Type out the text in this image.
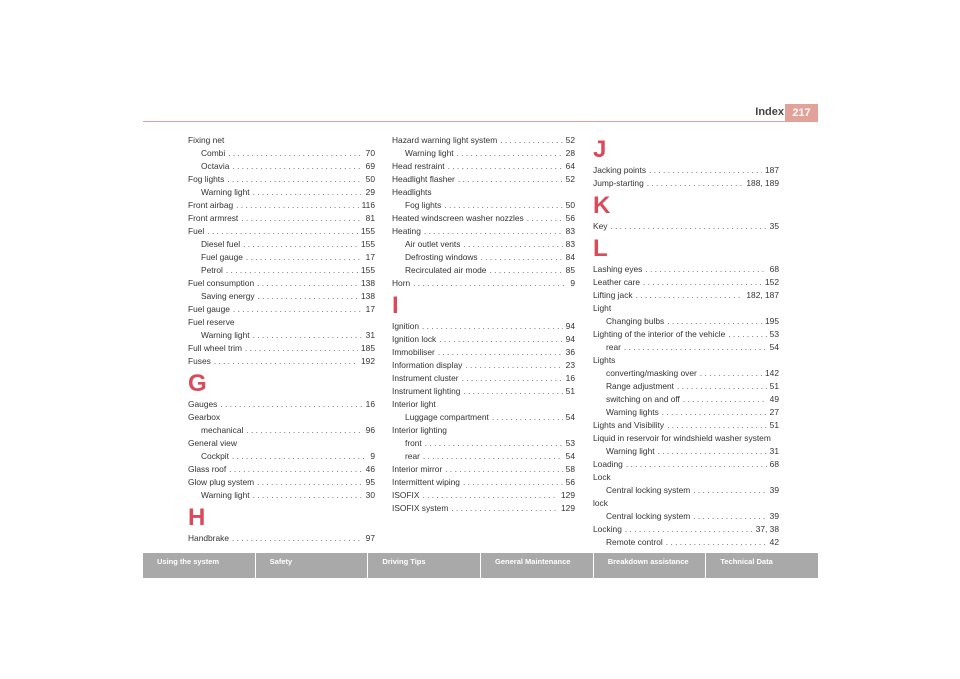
Index 217
Fixing net
Combi . . .	70
Octavia . . .	69
Fog lights . . .	50
Warning light . . .	29
Front airbag . . .	116
Front armrest . . .	81
Fuel . . .	155
Diesel fuel . . .	155
Fuel gauge . . .	17
Petrol . . .	155
Fuel consumption . . .	138
Saving energy . . .	138
Fuel gauge . . .	17
Fuel reserve
Warning light . . .	31
Full wheel trim . . .	185
Fuses . . .	192
G
Gauges . . .	16
Gearbox
mechanical . . .	96
General view
Cockpit . . .	9
Glass roof . . .	46
Glow plug system . . .	95
Warning light . . .	30
H
Handbrake . . .	97
Hazard warning light system . . .	52
Warning light . . .	28
Head restraint . . .	64
Headlight flasher . . .	52
Headlights
Fog lights . . .	50
Heated windscreen washer nozzles . . .	56
Heating . . .	83
Air outlet vents . . .	83
Defrosting windows . . .	84
Recirculated air mode . . .	85
Horn . . .	9
I
Ignition . . .	94
Ignition lock . . .	94
Immobiliser . . .	36
Information display . . .	23
Instrument cluster . . .	16
Instrument lighting . . .	51
Interior light
Luggage compartment . . .	54
Interior lighting
front . . .	53
rear . . .	54
Interior mirror . . .	58
Intermittent wiping . . .	56
ISOFIX . . .	129
ISOFIX system . . .	129
J
Jacking points . . .	187
Jump-starting . . .	188, 189
K
Key . . .	35
L
Lashing eyes . . .	68
Leather care . . .	152
Lifting jack . . .	182, 187
Light
Changing bulbs . . .	195
Lighting of the interior of the vehicle . . .	53
rear . . .	54
Lights
converting/masking over . . .	142
Range adjustment . . .	51
switching on and off . . .	49
Warning lights . . .	27
Lights and Visibility . . .	51
Liquid in reservoir for windshield washer system
Warning light . . .	31
Loading . . .	68
Lock
Central locking system . . .	39
lock
Central locking system . . .	39
Locking . . .	37, 38
Remote control . . .	42
Using the system	Safety	Driving Tips	General Maintenance	Breakdown assistance	Technical Data
